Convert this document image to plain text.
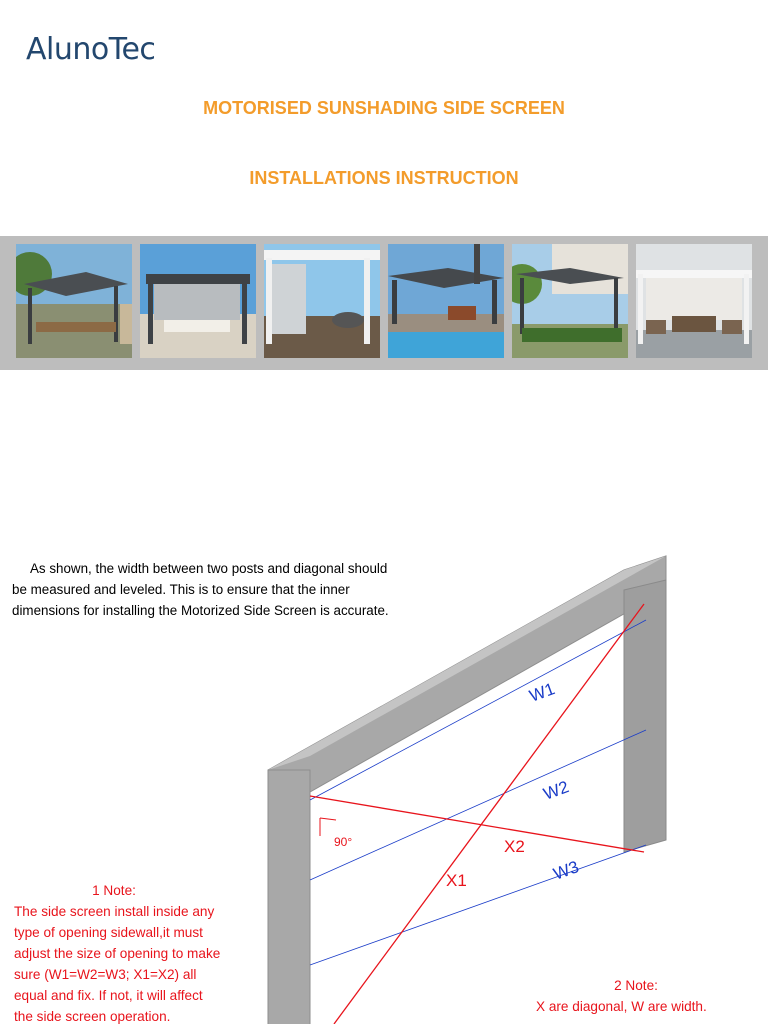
AlunoTec
MOTORISED SUNSHADING SIDE SCREEN
INSTALLATIONS INSTRUCTION
As shown, the width between two posts and diagonal should
be measured and leveled. This is to ensure that the inner
dimensions for installing the Motorized Side Screen is accurate.
90°
W1
W2
W3
X2
X1
1 Note:
The side screen install inside any
type of opening sidewall,it must
adjust the size of opening to make
sure (W1=W2=W3; X1=X2) all
equal and fix. If not, it will affect
the side screen operation.
2 Note:
X are diagonal, W are width.
